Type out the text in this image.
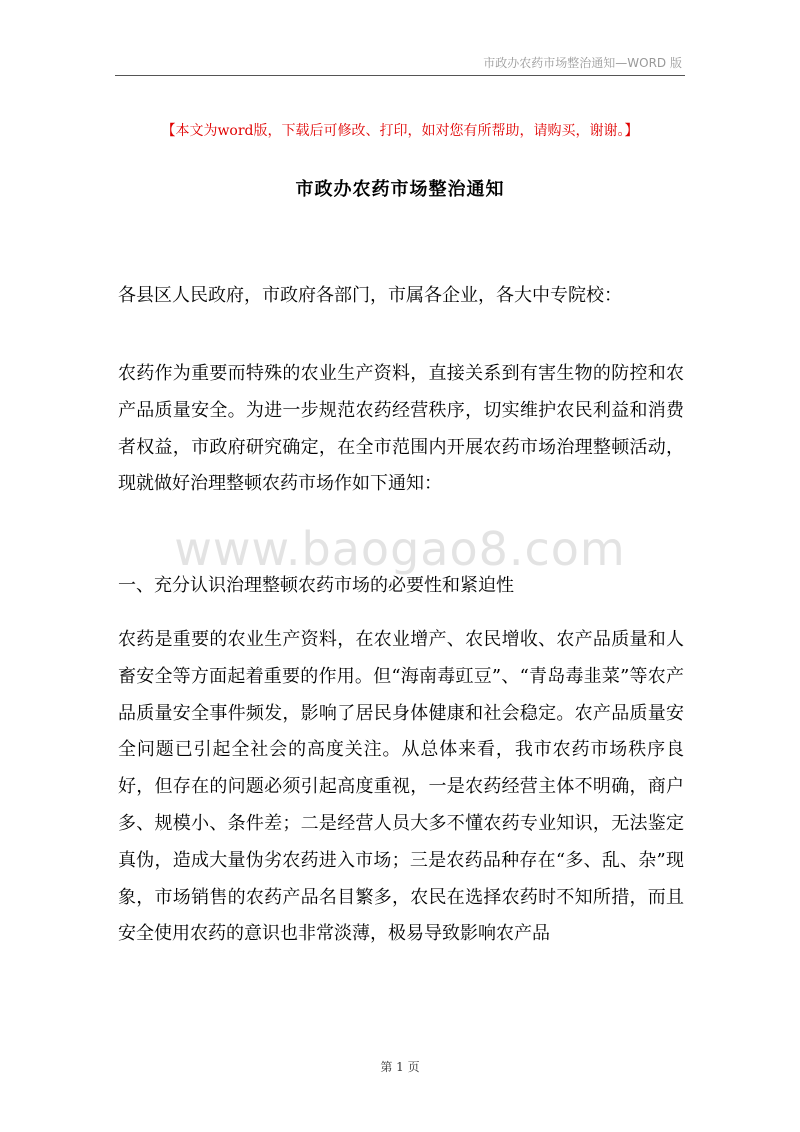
市政办农药市场整治通知—WORD 版
【本文为word版，下载后可修改、打印，如对您有所帮助，请购买，谢谢。】
市政办农药市场整治通知

各县区人民政府，市政府各部门，市属各企业，各大中专院校：

农药作为重要而特殊的农业生产资料，直接关系到有害生物的防控和农产品质量安全。为进一步规范农药经营秩序，切实维护农民利益和消费者权益，市政府研究确定，在全市范围内开展农药市场治理整顿活动，现就做好治理整顿农药市场作如下通知：

www.baogao8.com

一、充分认识治理整顿农药市场的必要性和紧迫性

农药是重要的农业生产资料，在农业增产、农民增收、农产品质量和人畜安全等方面起着重要的作用。但“海南毒豇豆”、“青岛毒韭菜”等农产品质量安全事件频发，影响了居民身体健康和社会稳定。农产品质量安全问题已引起全社会的高度关注。从总体来看，我市农药市场秩序良好，但存在的问题必须引起高度重视，一是农药经营主体不明确，商户多、规模小、条件差；二是经营人员大多不懂农药专业知识，无法鉴定真伪，造成大量伪劣农药进入市场；三是农药品种存在“多、乱、杂”现象，市场销售的农药产品名目繁多，农民在选择农药时不知所措，而且安全使用农药的意识也非常淡薄，极易导致影响农产品

第 1 页
